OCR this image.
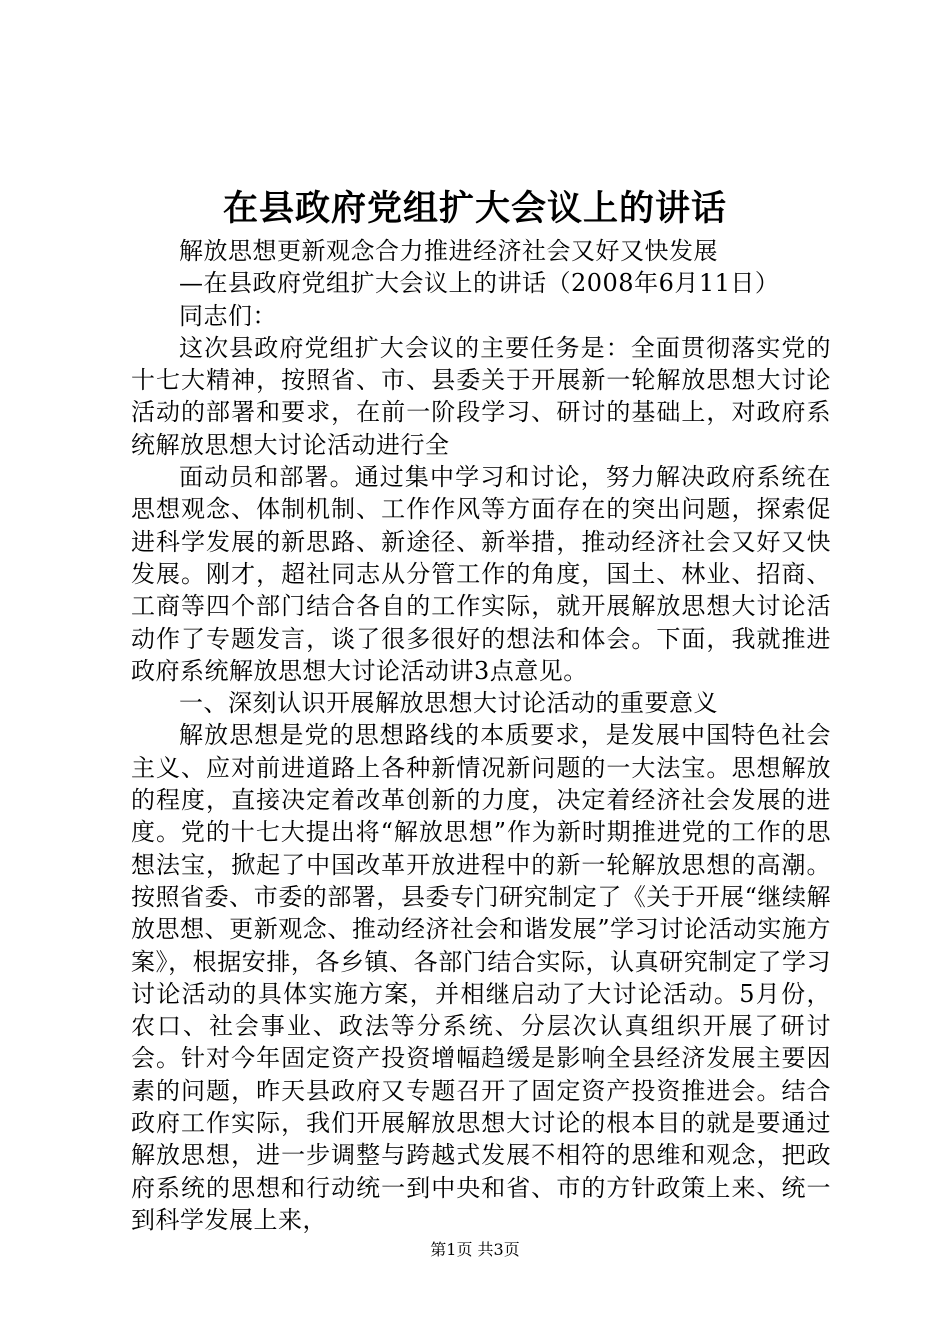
在县政府党组扩大会议上的讲话

解放思想更新观念合力推进经济社会又好又快发展

—在县政府党组扩大会议上的讲话（2008年6月11日）

同志们：

这次县政府党组扩大会议的主要任务是：全面贯彻落实党的十七大精神，按照省、市、县委关于开展新一轮解放思想大讨论活动的部署和要求，在前一阶段学习、研讨的基础上，对政府系统解放思想大讨论活动进行全

面动员和部署。通过集中学习和讨论，努力解决政府系统在思想观念、体制机制、工作作风等方面存在的突出问题，探索促进科学发展的新思路、新途径、新举措，推动经济社会又好又快发展。刚才，超社同志从分管工作的角度，国土、林业、招商、工商等四个部门结合各自的工作实际，就开展解放思想大讨论活动作了专题发言，谈了很多很好的想法和体会。下面，我就推进政府系统解放思想大讨论活动讲3点意见。

一、深刻认识开展解放思想大讨论活动的重要意义

解放思想是党的思想路线的本质要求，是发展中国特色社会主义、应对前进道路上各种新情况新问题的一大法宝。思想解放的程度，直接决定着改革创新的力度，决定着经济社会发展的进度。党的十七大提出将“解放思想”作为新时期推进党的工作的思想法宝，掀起了中国改革开放进程中的新一轮解放思想的高潮。按照省委、市委的部署，县委专门研究制定了《关于开展“继续解放思想、更新观念、推动经济社会和谐发展”学习讨论活动实施方案》，根据安排，各乡镇、各部门结合实际，认真研究制定了学习讨论活动的具体实施方案，并相继启动了大讨论活动。5月份，农口、社会事业、政法等分系统、分层次认真组织开展了研讨会。针对今年固定资产投资增幅趋缓是影响全县经济发展主要因素的问题，昨天县政府又专题召开了固定资产投资推进会。结合政府工作实际，我们开展解放思想大讨论的根本目的就是要通过解放思想，进一步调整与跨越式发展不相符的思维和观念，把政府系统的思想和行动统一到中央和省、市的方针政策上来、统一到科学发展上来，

第1页 共3页
